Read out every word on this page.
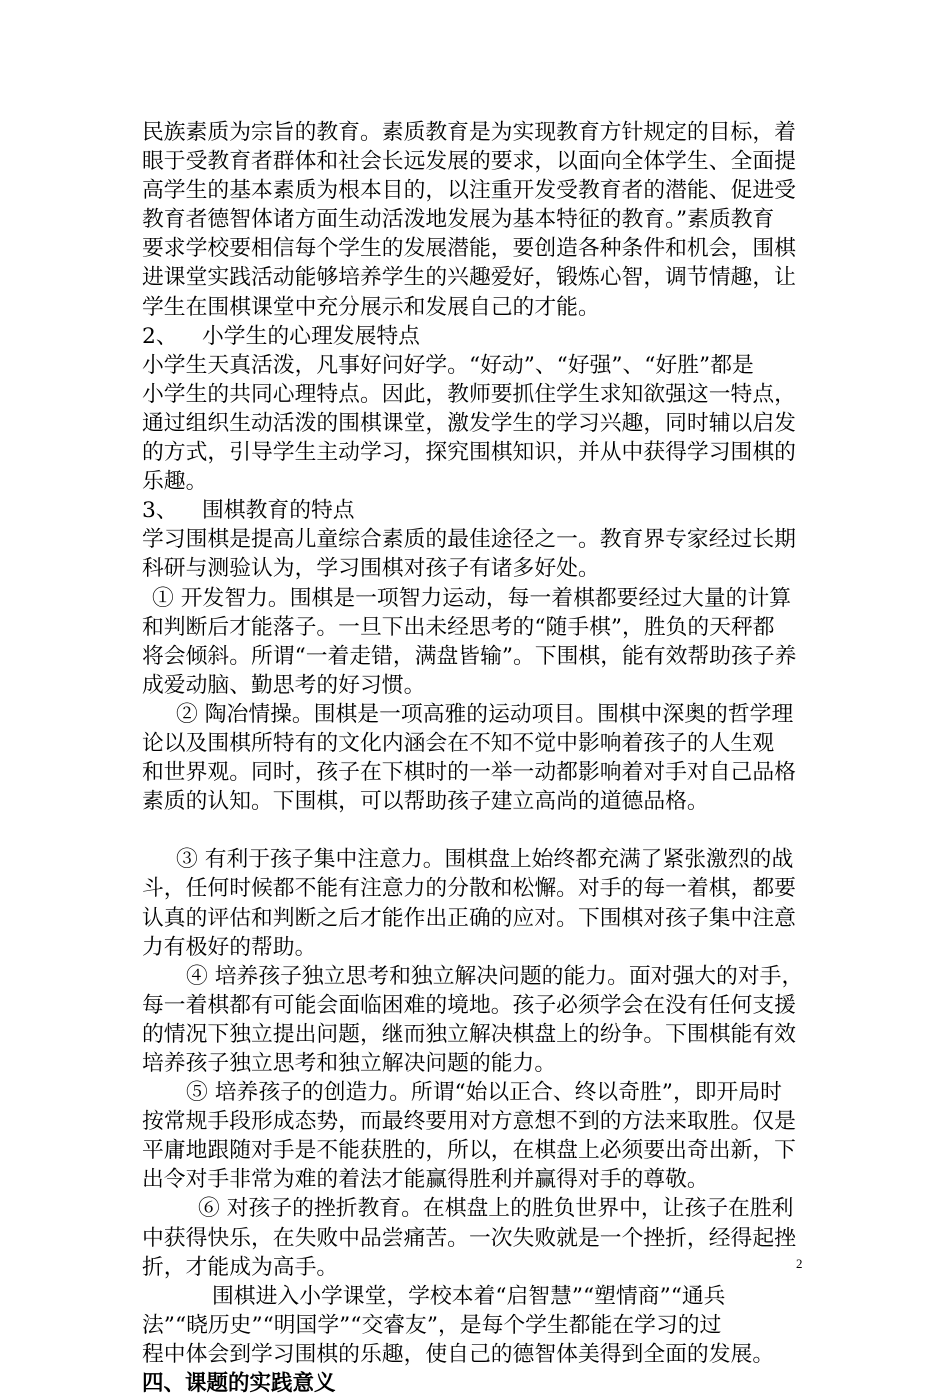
民族素质为宗旨的教育。素质教育是为实现教育方针规定的目标，着
眼于受教育者群体和社会长远发展的要求，以面向全体学生、全面提
高学生的基本素质为根本目的，以注重开发受教育者的潜能、促进受
教育者德智体诸方面生动活泼地发展为基本特征的教育。”素质教育
要求学校要相信每个学生的发展潜能，要创造各种条件和机会，围棋
进课堂实践活动能够培养学生的兴趣爱好，锻炼心智，调节情趣，让
学生在围棋课堂中充分展示和发展自己的才能。
2、 小学生的心理发展特点
小学生天真活泼，凡事好问好学。“好动”、“好强”、“好胜”都是
小学生的共同心理特点。因此，教师要抓住学生求知欲强这一特点，
通过组织生动活泼的围棋课堂，激发学生的学习兴趣，同时辅以启发
的方式，引导学生主动学习，探究围棋知识，并从中获得学习围棋的
乐趣。
3、 围棋教育的特点
学习围棋是提高儿童综合素质的最佳途径之一。教育界专家经过长期
科研与测验认为，学习围棋对孩子有诸多好处。
① 开发智力。围棋是一项智力运动，每一着棋都要经过大量的计算
和判断后才能落子。一旦下出未经思考的“随手棋”，胜负的天秤都
将会倾斜。所谓“一着走错，满盘皆输”。下围棋，能有效帮助孩子养
成爱动脑、勤思考的好习惯。
② 陶冶情操。围棋是一项高雅的运动项目。围棋中深奥的哲学理
论以及围棋所特有的文化内涵会在不知不觉中影响着孩子的人生观
和世界观。同时，孩子在下棋时的一举一动都影响着对手对自己品格
素质的认知。下围棋，可以帮助孩子建立高尚的道德品格。
③ 有利于孩子集中注意力。围棋盘上始终都充满了紧张激烈的战
斗，任何时候都不能有注意力的分散和松懈。对手的每一着棋，都要
认真的评估和判断之后才能作出正确的应对。下围棋对孩子集中注意
力有极好的帮助。
④ 培养孩子独立思考和独立解决问题的能力。面对强大的对手，
每一着棋都有可能会面临困难的境地。孩子必须学会在没有任何支援
的情况下独立提出问题，继而独立解决棋盘上的纷争。下围棋能有效
培养孩子独立思考和独立解决问题的能力。
⑤ 培养孩子的创造力。所谓“始以正合、终以奇胜”，即开局时
按常规手段形成态势，而最终要用对方意想不到的方法来取胜。仅是
平庸地跟随对手是不能获胜的，所以，在棋盘上必须要出奇出新，下
出令对手非常为难的着法才能赢得胜利并赢得对手的尊敬。
⑥ 对孩子的挫折教育。在棋盘上的胜负世界中，让孩子在胜利
中获得快乐，在失败中品尝痛苦。一次失败就是一个挫折，经得起挫
折，才能成为高手。
围棋进入小学课堂，学校本着“启智慧”“塑情商”“通兵
法”“晓历史”“明国学”“交睿友”，是每个学生都能在学习的过
程中体会到学习围棋的乐趣，使自己的德智体美得到全面的发展。
四、课题的实践意义
2
